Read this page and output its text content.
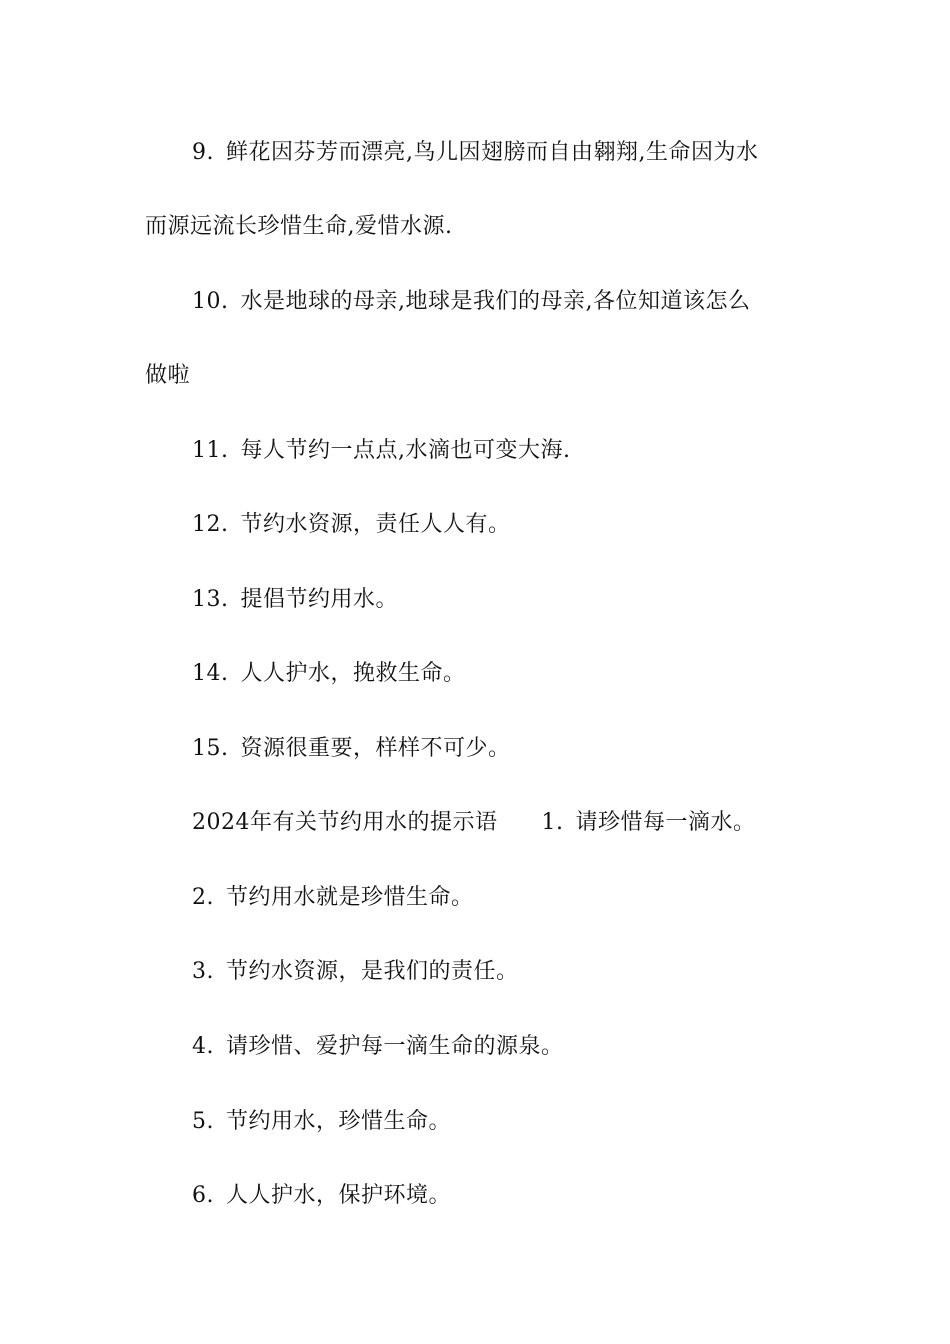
9. 鲜花因芬芳而漂亮,鸟儿因翅膀而自由翱翔,生命因为水
而源远流长珍惜生命,爱惜水源.
10. 水是地球的母亲,地球是我们的母亲,各位知道该怎么
做啦
11. 每人节约一点点,水滴也可变大海.
12. 节约水资源，责任人人有。
13. 提倡节约用水。
14. 人人护水，挽救生命。
15. 资源很重要，样样不可少。
2024年有关节约用水的提示语 1. 请珍惜每一滴水。
2. 节约用水就是珍惜生命。
3. 节约水资源，是我们的责任。
4. 请珍惜、爱护每一滴生命的源泉。
5. 节约用水，珍惜生命。
6. 人人护水，保护环境。
